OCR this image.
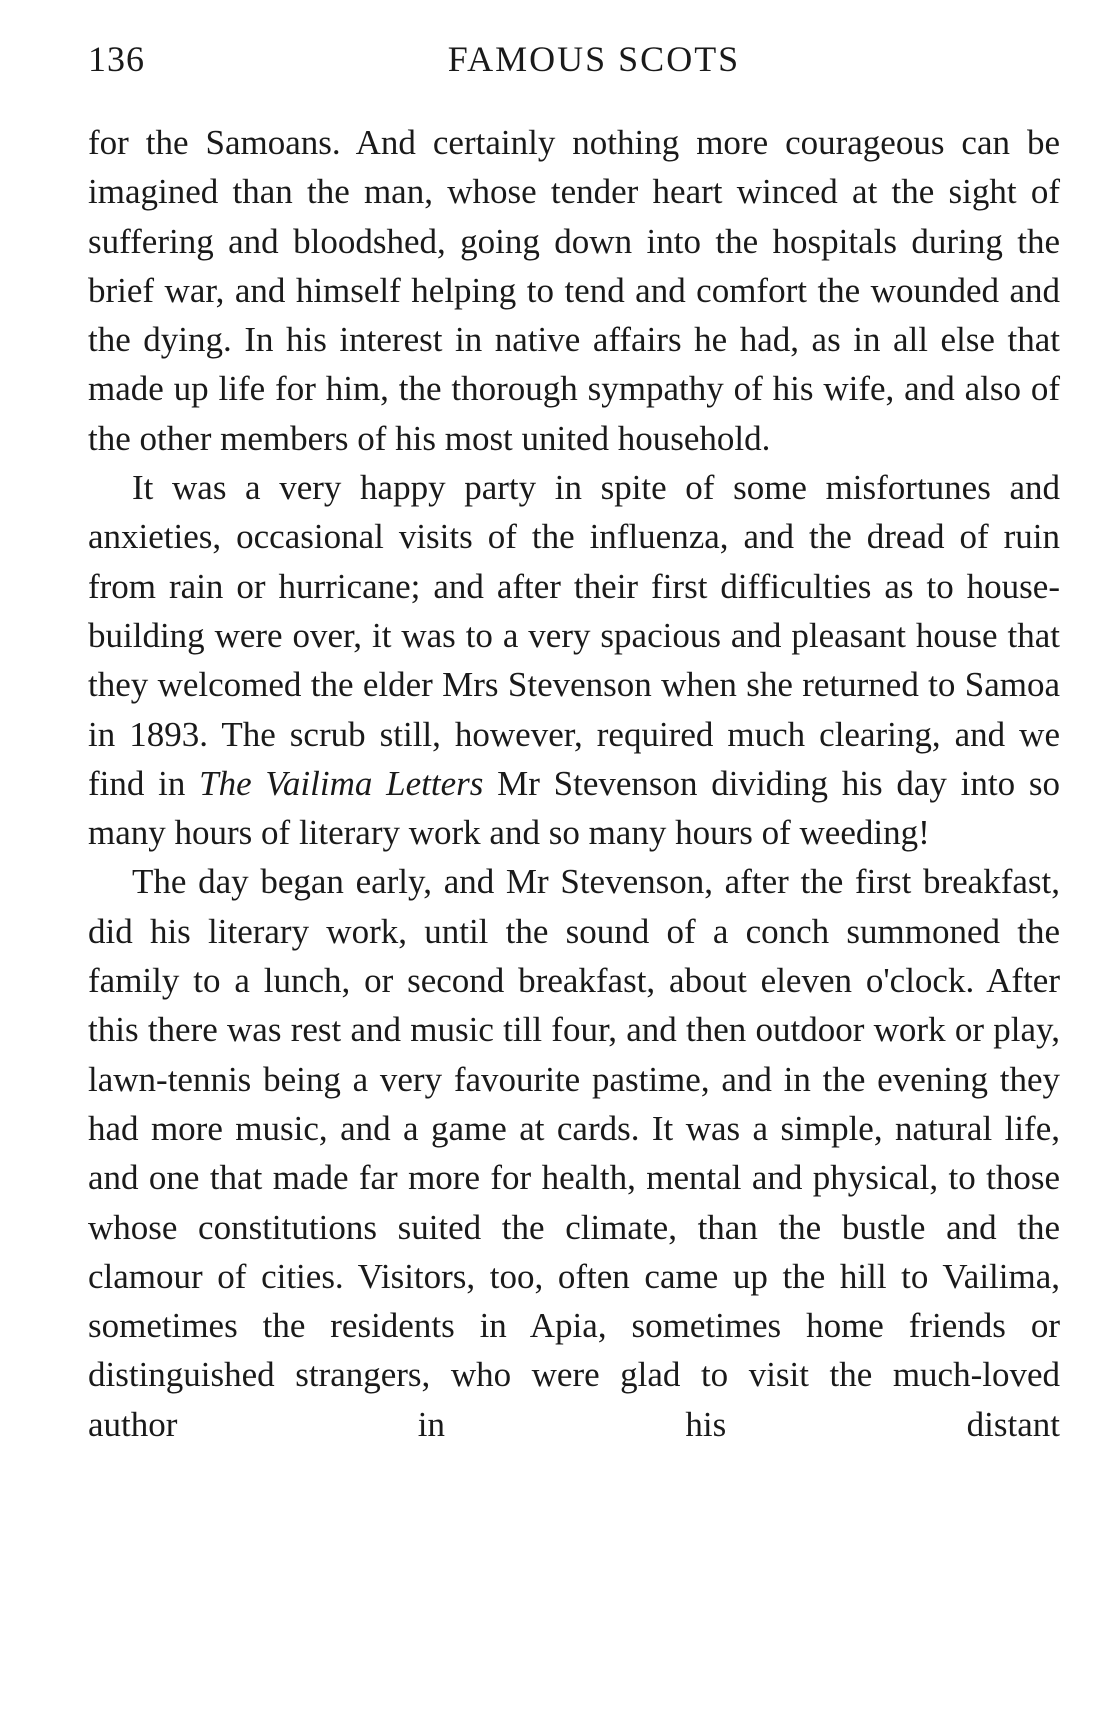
136	FAMOUS SCOTS

for the Samoans. And certainly nothing more courageous can be imagined than the man, whose tender heart winced at the sight of suffering and bloodshed, going down into the hospitals during the brief war, and himself helping to tend and comfort the wounded and the dying. In his interest in native affairs he had, as in all else that made up life for him, the thorough sympathy of his wife, and also of the other members of his most united household.

It was a very happy party in spite of some misfortunes and anxieties, occasional visits of the influenza, and the dread of ruin from rain or hurricane; and after their first difficulties as to house-building were over, it was to a very spacious and pleasant house that they welcomed the elder Mrs Stevenson when she returned to Samoa in 1893. The scrub still, however, required much clearing, and we find in The Vailima Letters Mr Stevenson dividing his day into so many hours of literary work and so many hours of weeding!

The day began early, and Mr Stevenson, after the first breakfast, did his literary work, until the sound of a conch summoned the family to a lunch, or second breakfast, about eleven o'clock. After this there was rest and music till four, and then outdoor work or play, lawn-tennis being a very favourite pastime, and in the evening they had more music, and a game at cards. It was a simple, natural life, and one that made far more for health, mental and physical, to those whose constitutions suited the climate, than the bustle and the clamour of cities. Visitors, too, often came up the hill to Vailima, sometimes the residents in Apia, sometimes home friends or distinguished strangers, who were glad to visit the much-loved author in his distant
